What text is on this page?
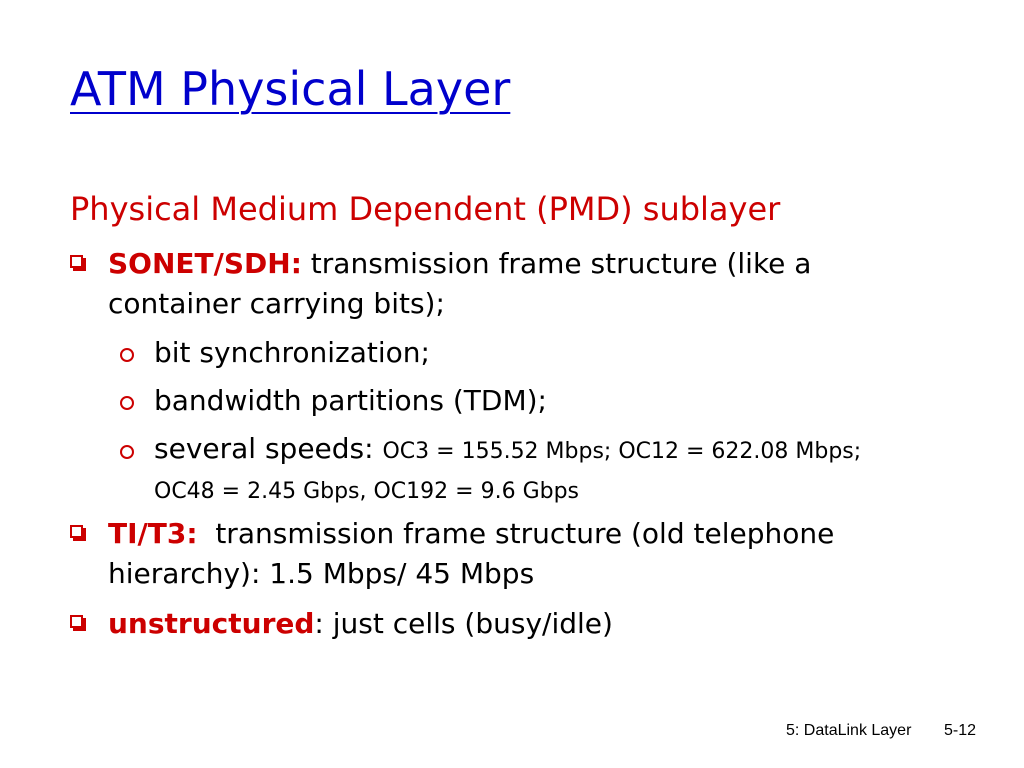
ATM Physical Layer
Physical Medium Dependent (PMD) sublayer
SONET/SDH: transmission frame structure (like a container carrying bits);
bit synchronization;
bandwidth partitions (TDM);
several speeds: OC3 = 155.52 Mbps; OC12 = 622.08 Mbps; OC48 = 2.45 Gbps, OC192 = 9.6 Gbps
TI/T3:  transmission frame structure (old telephone hierarchy): 1.5 Mbps/ 45 Mbps
unstructured: just cells (busy/idle)
5: DataLink Layer 5-12
